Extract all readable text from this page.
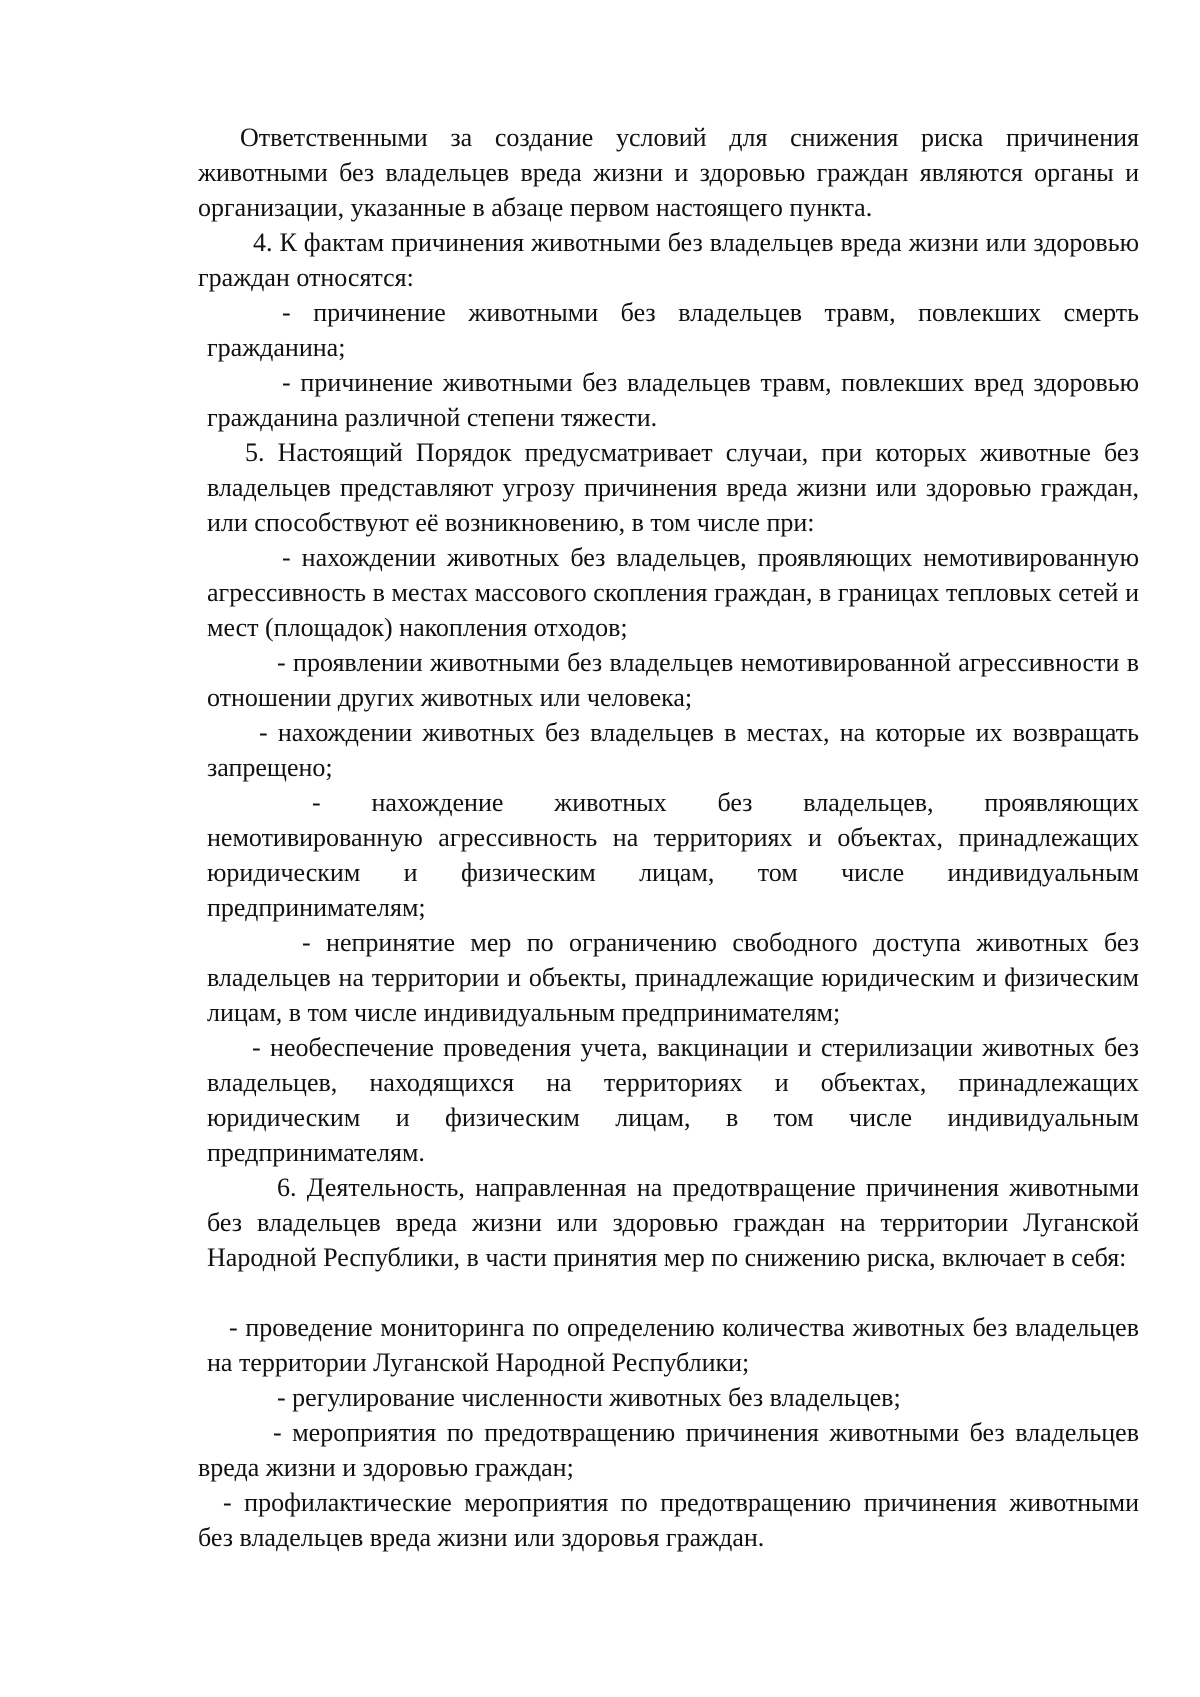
Ответственными за создание условий для снижения риска причинения животными без владельцев вреда жизни и здоровью граждан являются органы и организации, указанные в абзаце первом настоящего пункта.

4. К фактам причинения животными без владельцев вреда жизни или здоровью граждан относятся:

- причинение животными без владельцев травм, повлекших смерть гражданина;

- причинение животными без владельцев травм, повлекших вред здоровью гражданина различной степени тяжести.

5. Настоящий Порядок предусматривает случаи, при которых животные без владельцев представляют угрозу причинения вреда жизни или здоровью граждан, или способствуют её возникновению, в том числе при:

- нахождении животных без владельцев, проявляющих немотивированную агрессивность в местах массового скопления граждан, в границах тепловых сетей и мест (площадок) накопления отходов;

- проявлении животными без владельцев немотивированной агрессивности в отношении других животных или человека;

- нахождении животных без владельцев в местах, на которые их возвращать запрещено;

- нахождение животных без владельцев, проявляющих немотивированную агрессивность на территориях и объектах, принадлежащих юридическим и физическим лицам, том числе индивидуальным предпринимателям;

- непринятие мер по ограничению свободного доступа животных без владельцев на территории и объекты, принадлежащие юридическим и физическим лицам, в том числе индивидуальным предпринимателям;

- необеспечение проведения учета, вакцинации и стерилизации животных без владельцев, находящихся на территориях и объектах, принадлежащих юридическим и физическим лицам, в том числе индивидуальным предпринимателям.

6. Деятельность, направленная на предотвращение причинения животными без владельцев вреда жизни или здоровью граждан на территории Луганской Народной Республики, в части принятия мер по снижению риска, включает в себя:

- проведение мониторинга по определению количества животных без владельцев на территории Луганской Народной Республики;

- регулирование численности животных без владельцев;

- мероприятия по предотвращению причинения животными без владельцев вреда жизни и здоровью граждан;

- профилактические мероприятия по предотвращению причинения животными без владельцев вреда жизни или здоровья граждан.
